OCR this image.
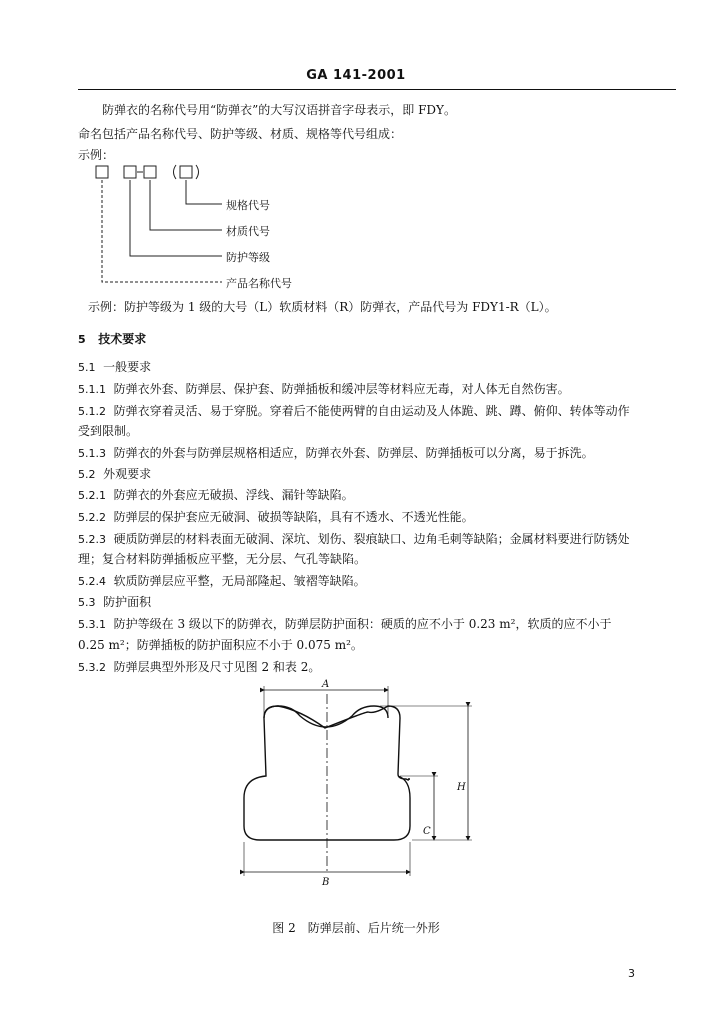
GA 141-2001
防弹衣的名称代号用“防弹衣”的大写汉语拼音字母表示，即 FDY。
命名包括产品名称代号、防护等级、材质、规格等代号组成：
示例：
规格代号
材质代号
防护等级
产品名称代号
示例：防护等级为 1 级的大号（L）软质材料（R）防弹衣，产品代号为 FDY1-R（L）。
5 技术要求
5.1 一般要求
5.1.1 防弹衣外套、防弹层、保护套、防弹插板和缓冲层等材料应无毒，对人体无自然伤害。
5.1.2 防弹衣穿着灵活、易于穿脱。穿着后不能使两臂的自由运动及人体跪、跳、蹲、俯仰、转体等动作
受到限制。
5.1.3 防弹衣的外套与防弹层规格相适应，防弹衣外套、防弹层、防弹插板可以分离，易于拆洗。
5.2 外观要求
5.2.1 防弹衣的外套应无破损、浮线、漏针等缺陷。
5.2.2 防弹层的保护套应无破洞、破损等缺陷，具有不透水、不透光性能。
5.2.3 硬质防弹层的材料表面无破洞、深坑、划伤、裂痕缺口、边角毛刺等缺陷；金属材料要进行防锈处
理；复合材料防弹插板应平整，无分层、气孔等缺陷。
5.2.4 软质防弹层应平整，无局部隆起、皱褶等缺陷。
5.3 防护面积
5.3.1 防护等级在 3 级以下的防弹衣，防弹层防护面积：硬质的应不小于 0.23 m²，软质的应不小于
0.25 m²；防弹插板的防护面积应不小于 0.075 m²。
5.3.2 防弹层典型外形及尺寸见图 2 和表 2。
A
B
C
H
图 2　防弹层前、后片统一外形
3
